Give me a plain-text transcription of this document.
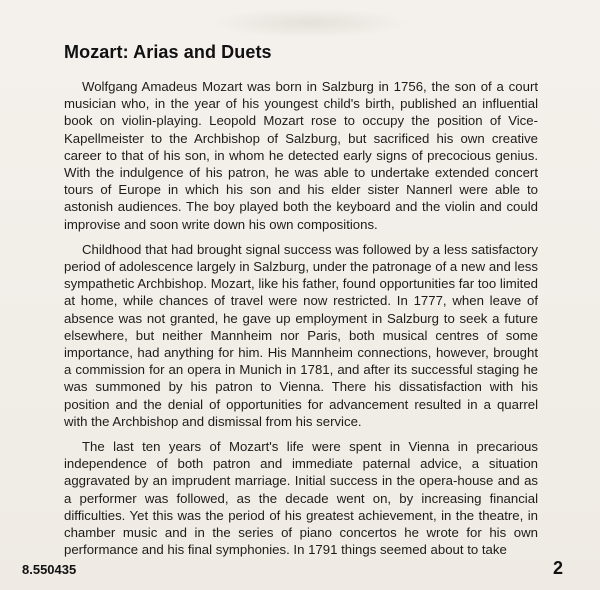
Mozart: Arias and Duets

Wolfgang Amadeus Mozart was born in Salzburg in 1756, the son of a court musician who, in the year of his youngest child's birth, published an influential book on violin-playing. Leopold Mozart rose to occupy the position of Vice-Kapellmeister to the Archbishop of Salzburg, but sacrificed his own creative career to that of his son, in whom he detected early signs of precocious genius. With the indulgence of his patron, he was able to undertake extended concert tours of Europe in which his son and his elder sister Nannerl were able to astonish audiences. The boy played both the keyboard and the violin and could improvise and soon write down his own compositions.

Childhood that had brought signal success was followed by a less satisfactory period of adolescence largely in Salzburg, under the patronage of a new and less sympathetic Archbishop. Mozart, like his father, found opportunities far too limited at home, while chances of travel were now restricted. In 1777, when leave of absence was not granted, he gave up employment in Salzburg to seek a future elsewhere, but neither Mannheim nor Paris, both musical centres of some importance, had anything for him. His Mannheim connections, however, brought a commission for an opera in Munich in 1781, and after its successful staging he was summoned by his patron to Vienna. There his dissatisfaction with his position and the denial of opportunities for advancement resulted in a quarrel with the Archbishop and dismissal from his service.

The last ten years of Mozart's life were spent in Vienna in precarious independence of both patron and immediate paternal advice, a situation aggravated by an imprudent marriage. Initial success in the opera-house and as a performer was followed, as the decade went on, by increasing financial difficulties. Yet this was the period of his greatest achievement, in the theatre, in chamber music and in the series of piano concertos he wrote for his own performance and his final symphonies. In 1791 things seemed about to take

8.550435	2
